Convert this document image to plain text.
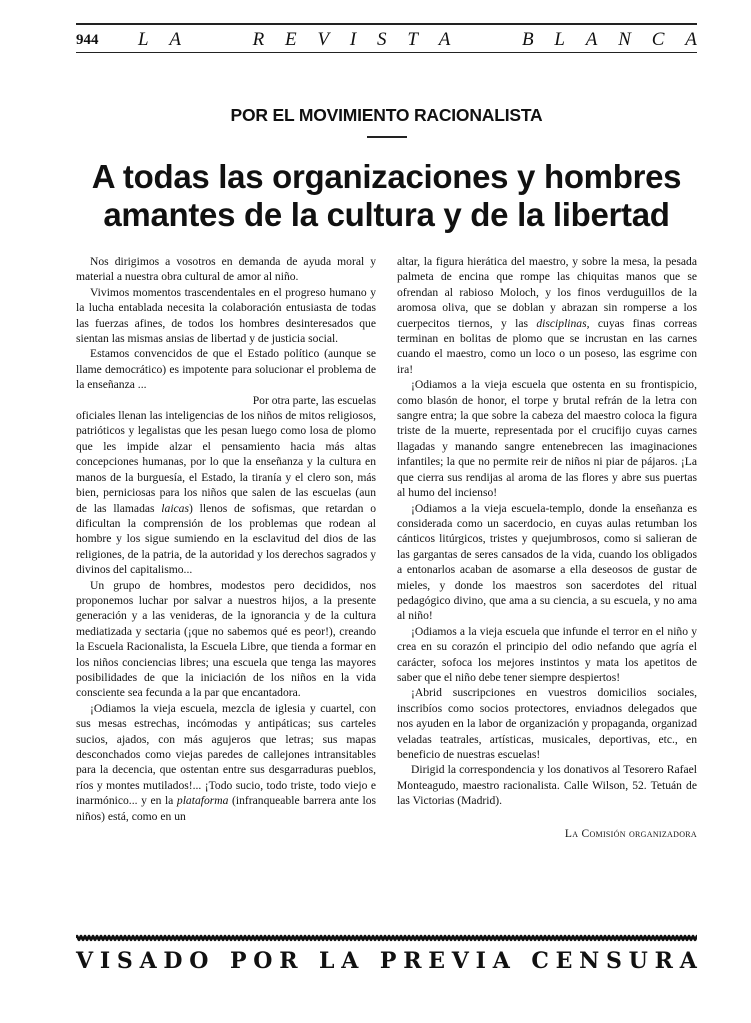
944 L A	R E V I S T A	B L A N C A
POR EL MOVIMIENTO RACIONALISTA
A todas las organizaciones y hombres
amantes de la cultura y de la libertad

Nos dirigimos a vosotros en demanda de ayuda moral y material a nuestra obra cultural de amor al niño.

Vivimos momentos trascendentales en el progreso humano y la lucha entablada necesita la colaboración entusiasta de todas las fuerzas afines, de todos los hombres desinteresados que sientan las mismas ansias de libertad y de justicia social.

Estamos convencidos de que el Estado político (aunque se llame democrático) es impotente para solucionar el problema de la enseñanza ...

Por otra parte, las escuelas
oficiales llenan las inteligencias de los niños de mitos religiosos, patrióticos y legalistas que les pesan luego como losa de plomo que les impide alzar el pensamiento hacia más altas concepciones humanas, por lo que la enseñanza y la cultura en manos de la burguesía, el Estado, la tiranía y el clero son, más bien, perniciosas para los niños que salen de las escuelas (aun de las llamadas laicas) llenos de sofismas, que retardan o dificultan la comprensión de los problemas que rodean al hombre y los sigue sumiendo en la esclavitud del dios de las religiones, de la patria, de la autoridad y los derechos sagrados y divinos del capitalismo...

Un grupo de hombres, modestos pero decididos, nos proponemos luchar por salvar a nuestros hijos, a la presente generación y a las venideras, de la ignorancia y de la cultura mediatizada y sectaria (¡que no sabemos qué es peor!), creando la Escuela Racionalista, la Escuela Libre, que tienda a formar en los niños conciencias libres; una escuela que tenga las mayores posibilidades de que la iniciación de los niños en la vida consciente sea fecunda a la par que encantadora.

¡Odiamos la vieja escuela, mezcla de iglesia y cuartel, con sus mesas estrechas, incómodas y antipáticas; sus carteles sucios, ajados, con más agujeros que letras; sus mapas desconchados como viejas paredes de callejones intransitables para la decencia, que ostentan entre sus desgarraduras pueblos, ríos y montes mutilados!... ¡Todo sucio, todo triste, todo viejo e inarmónico... y en la plataforma (infranqueable barrera ante los niños) está, como en un

altar, la figura hierática del maestro, y sobre la mesa, la pesada palmeta de encina que rompe las chiquitas manos que se ofrendan al rabioso Moloch, y los finos verduguillos de la aromosa oliva, que se doblan y abrazan sin romperse a los cuerpecitos tiernos, y las disciplinas, cuyas finas correas terminan en bolitas de plomo que se incrustan en las carnes cuando el maestro, como un loco o un poseso, las esgrime con ira!

¡Odiamos a la vieja escuela que ostenta en su frontispicio, como blasón de honor, el torpe y brutal refrán de la letra con sangre entra; la que sobre la cabeza del maestro coloca la figura triste de la muerte, representada por el crucifijo cuyas carnes llagadas y manando sangre entenebrecen las imaginaciones infantiles; la que no permite reir de niños ni piar de pájaros. ¡La que cierra sus rendijas al aroma de las flores y abre sus puertas al humo del incienso!

¡Odiamos a la vieja escuela-templo, donde la enseñanza es considerada como un sacerdocio, en cuyas aulas retumban los cánticos litúrgicos, tristes y quejumbrosos, como si salieran de las gargantas de seres cansados de la vida, cuando los obligados a entonarlos acaban de asomarse a ella deseosos de gustar de mieles, y donde los maestros son sacerdotes del ritual pedagógico divino, que ama a su ciencia, a su escuela, y no ama al niño!

¡Odiamos a la vieja escuela que infunde el terror en el niño y crea en su corazón el principio del odio nefando que agría el carácter, sofoca los mejores instintos y mata los apetitos de saber que el niño debe tener siempre despiertos!

¡Abrid suscripciones en vuestros domicilios sociales, inscribíos como socios protectores, enviadnos delegados que nos ayuden en la labor de organización y propaganda, organizad veladas teatrales, artísticas, musicales, deportivas, etc., en beneficio de nuestras escuelas!

Dirigid la correspondencia y los donativos al Tesorero Rafael Monteagudo, maestro racionalista. Calle Wilson, 52. Tetuán de las Victorias (Madrid).

La Comisión organizadora
V I S A D O P O R L A P R E V I A C E N S U R A
